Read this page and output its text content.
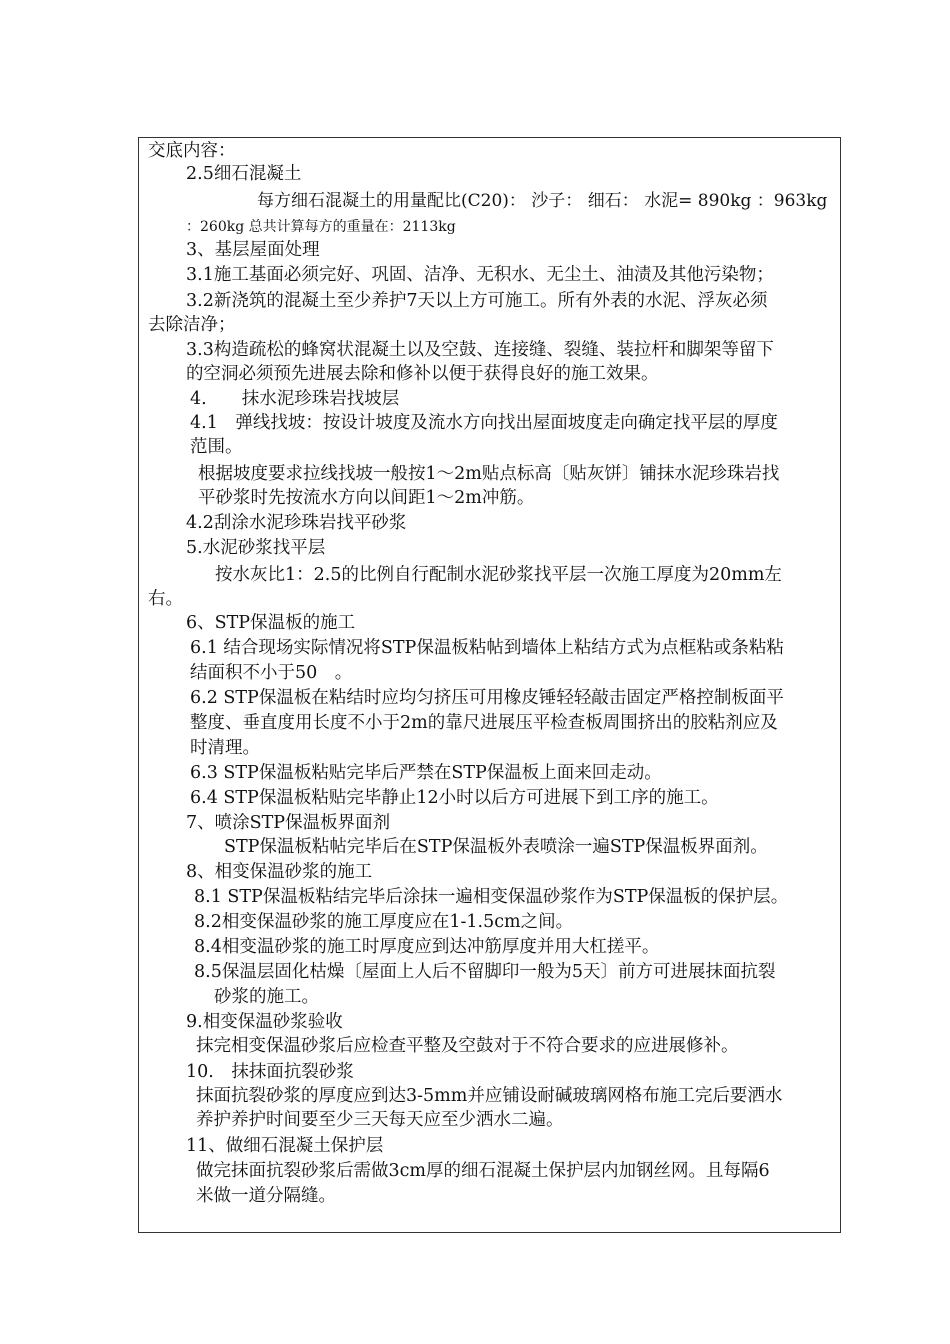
交底内容：
2.5细石混凝土
每方细石混凝土的用量配比(C20)： 沙子： 细石： 水泥= 890kg ：963kg
：260kg 总共计算每方的重量在：2113kg
3、基层屋面处理
3.1施工基面必须完好、巩固、洁净、无积水、无尘土、油渍及其他污染物；
3.2新浇筑的混凝土至少养护7天以上方可施工。所有外表的水泥、浮灰必须
去除洁净；
3.3构造疏松的蜂窝状混凝土以及空鼓、连接缝、裂缝、装拉杆和脚架等留下
的空洞必须预先进展去除和修补以便于获得良好的施工效果。
4.　　抹水泥珍珠岩找坡层
4.1　弹线找坡：按设计坡度及流水方向找出屋面坡度走向确定找平层的厚度
范围。
根据坡度要求拉线找坡一般按1～2m贴点标高〔贴灰饼〕铺抹水泥珍珠岩找
平砂浆时先按流水方向以间距1～2m冲筋。
4.2刮涂水泥珍珠岩找平砂浆
5.水泥砂浆找平层
按水灰比1：2.5的比例自行配制水泥砂浆找平层一次施工厚度为20mm左
右。
6、STP保温板的施工
6.1 结合现场实际情况将STP保温板粘帖到墙体上粘结方式为点框粘或条粘粘
结面积不小于50　。
6.2 STP保温板在粘结时应均匀挤压可用橡皮锤轻轻敲击固定严格控制板面平
整度、垂直度用长度不小于2m的靠尺进展压平检查板周围挤出的胶粘剂应及
时清理。
6.3 STP保温板粘贴完毕后严禁在STP保温板上面来回走动。
6.4 STP保温板粘贴完毕静止12小时以后方可进展下到工序的施工。
7、喷涂STP保温板界面剂
STP保温板粘帖完毕后在STP保温板外表喷涂一遍STP保温板界面剂。
8、相变保温砂浆的施工
8.1 STP保温板粘结完毕后涂抹一遍相变保温砂浆作为STP保温板的保护层。
8.2相变保温砂浆的施工厚度应在1-1.5cm之间。
8.4相变温砂浆的施工时厚度应到达冲筋厚度并用大杠搓平。
8.5保温层固化枯燥〔屋面上人后不留脚印一般为5天〕前方可进展抹面抗裂
砂浆的施工。
9.相变保温砂浆验收
抹完相变保温砂浆后应检查平整及空鼓对于不符合要求的应进展修补。
10.　抹抹面抗裂砂浆
抹面抗裂砂浆的厚度应到达3-5mm并应铺设耐碱玻璃网格布施工完后要洒水
养护养护时间要至少三天每天应至少洒水二遍。
11、做细石混凝土保护层
做完抹面抗裂砂浆后需做3cm厚的细石混凝土保护层内加钢丝网。且每隔6
米做一道分隔缝。
